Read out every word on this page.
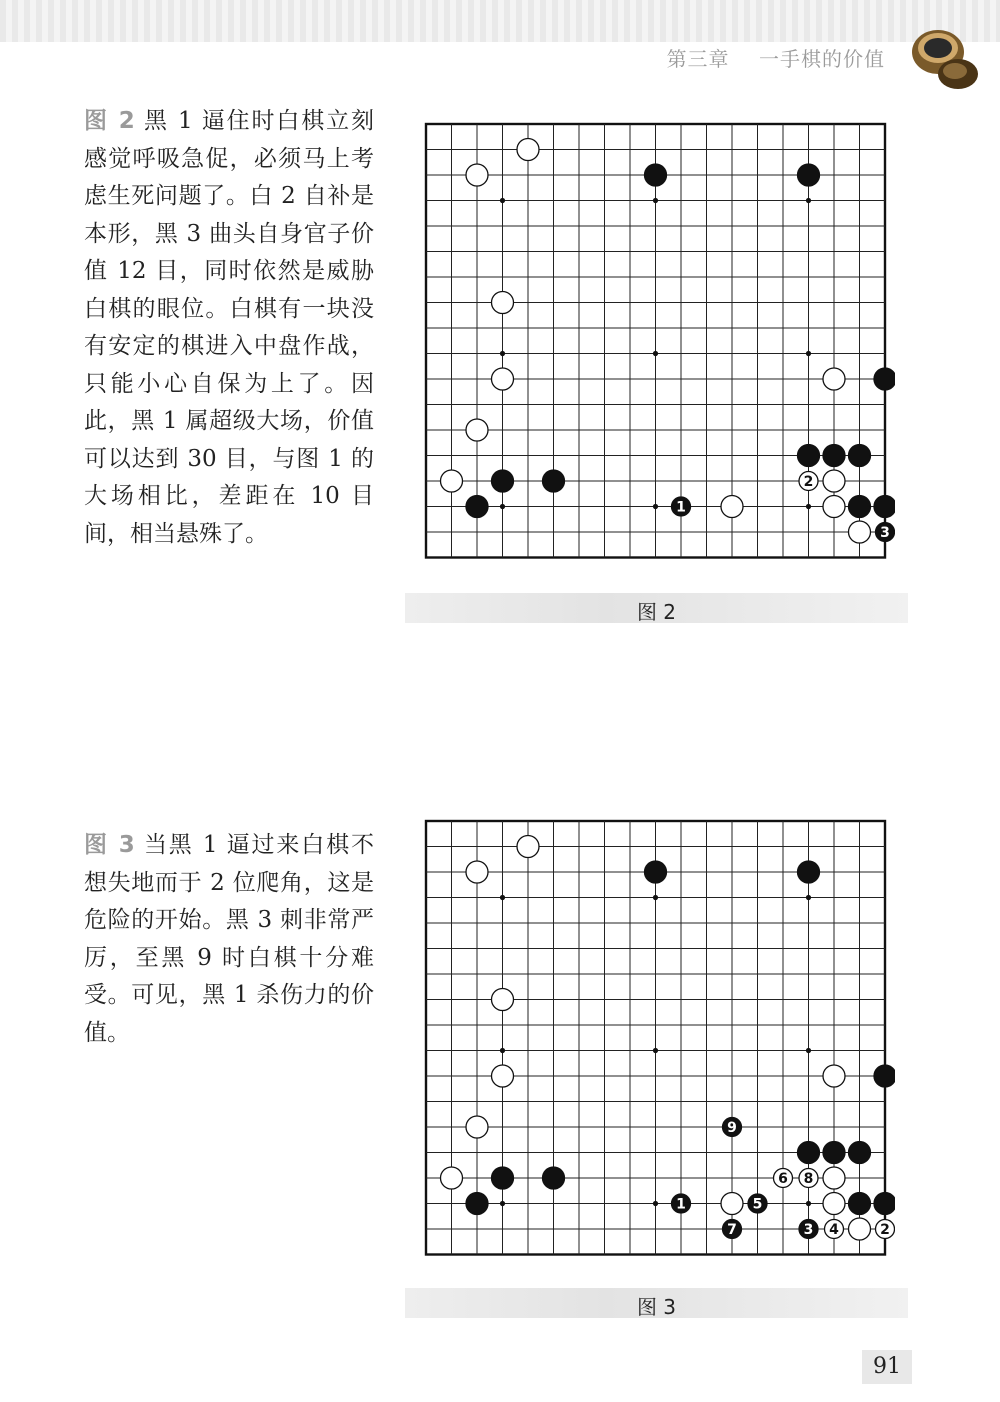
第三章 一手棋的价值

图 2 黑 1 逼住时白棋立刻感觉呼吸急促，必须马上考虑生死问题了。白 2 自补是本形，黑 3 曲头自身官子价值 12 目，同时依然是威胁白棋的眼位。白棋有一块没有安定的棋进入中盘作战，只能小心自保为上了。因此，黑 1 属超级大场，价值可以达到 30 目，与图 1 的大场相比，差距在 10 目间，相当悬殊了。

2
1
3
图 2

图 3 当黑 1 逼过来白棋不想失地而于 2 位爬角，这是危险的开始。黑 3 刺非常严厉，至黑 9 时白棋十分难受。可见，黑 1 杀伤力的价值。

2
6 8
4
1
3
5
7
9
图 3
91
